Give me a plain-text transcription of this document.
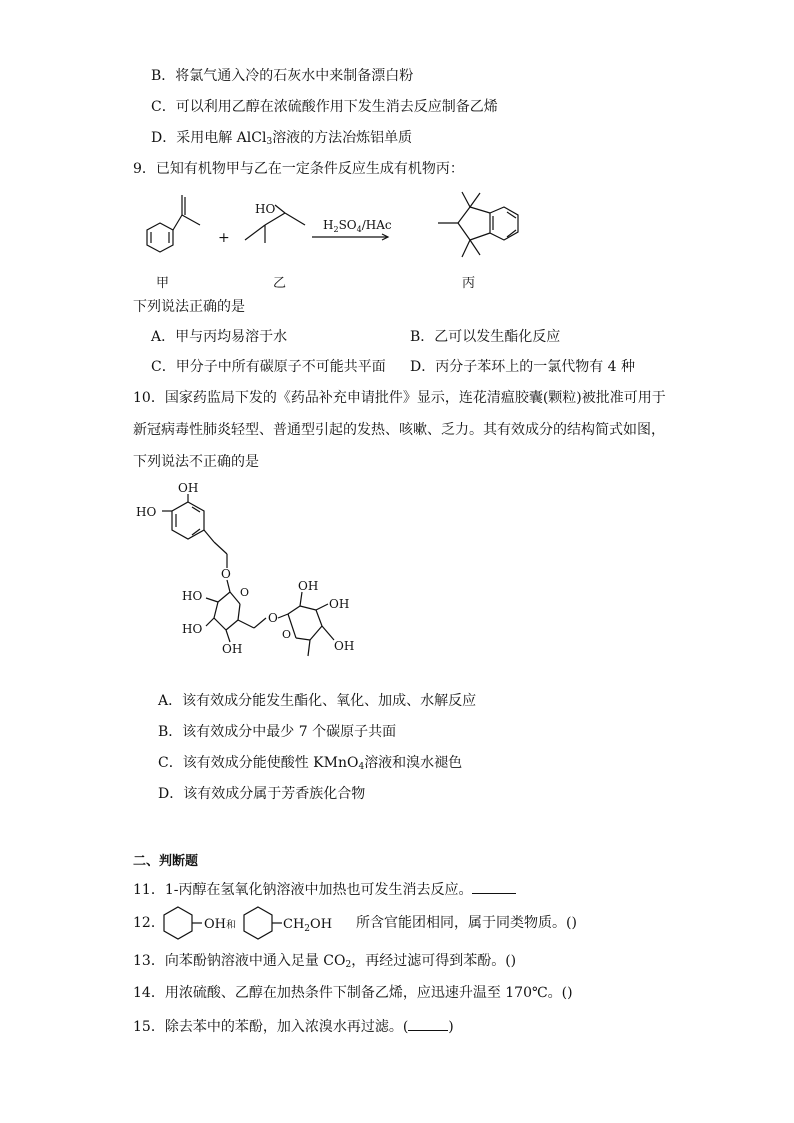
B．将氯气通入冷的石灰水中来制备漂白粉
C．可以利用乙醇在浓硫酸作用下发生消去反应制备乙烯
D．采用电解 AlCl$_3$溶液的方法冶炼铝单质
9．已知有机物甲与乙在一定条件反应生成有机物丙：
+
HO
$H_2SO_4$/HAc
甲	乙	丙
下列说法正确的是
A．甲与丙均易溶于水	B．乙可以发生酯化反应
C．甲分子中所有碳原子不可能共平面 D．丙分子苯环上的一氯代物有 4 种
10．国家药监局下发的《药品补充申请批件》显示，连花清瘟胶囊(颗粒)被批准可用于
新冠病毒性肺炎轻型、普通型引起的发热、咳嗽、乏力。其有效成分的结构简式如图，
下列说法不正确的是
OH
HO
O
O
HO
HO
OH
O
O
OH
OH
OH
A．该有效成分能发生酯化、氧化、加成、水解反应
B．该有效成分中最少 7 个碳原子共面
C．该有效成分能使酸性 KMnO$_4$溶液和溴水褪色
D．该有效成分属于芳香族化合物
二、判断题
11．1-丙醇在氢氧化钠溶液中加热也可发生消去反应。
12．	OH 和	$CH_2OH$ 所含官能团相同，属于同类物质。()
13．向苯酚钠溶液中通入足量 $CO_2$，再经过滤可得到苯酚。()
14．用浓硫酸、乙醇在加热条件下制备乙烯，应迅速升温至 170℃。()
15．除去苯中的苯酚，加入浓溴水再过滤。(	)
